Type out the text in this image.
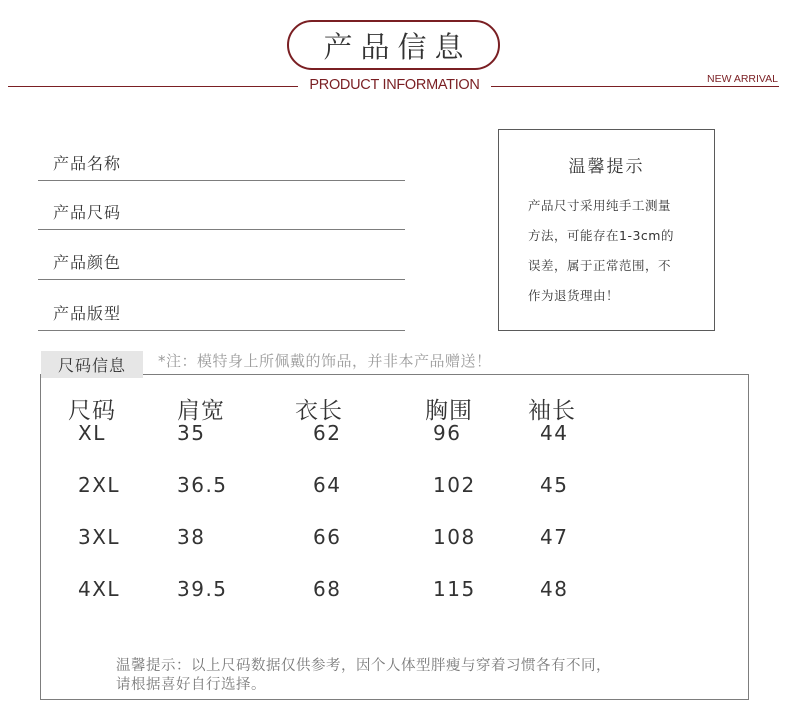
产品信息
PRODUCT INFORMATION	NEW ARRIVAL
产品名称
产品尺码
产品颜色
产品版型
温馨提示
产品尺寸采用纯手工测量
方法，可能存在1-3cm的
误差，属于正常范围，不
作为退货理由！
尺码信息	*注：模特身上所佩戴的饰品，并非本产品赠送！
尺码	肩宽	衣长	胸围 袖长
XL	35	62	96	44
2XL	36.5	64	102	45
3XL	38	66	108	47
4XL	39.5	68	115	48
温馨提示：以上尺码数据仅供参考，因个人体型胖瘦与穿着习惯各有不同，
请根据喜好自行选择。
